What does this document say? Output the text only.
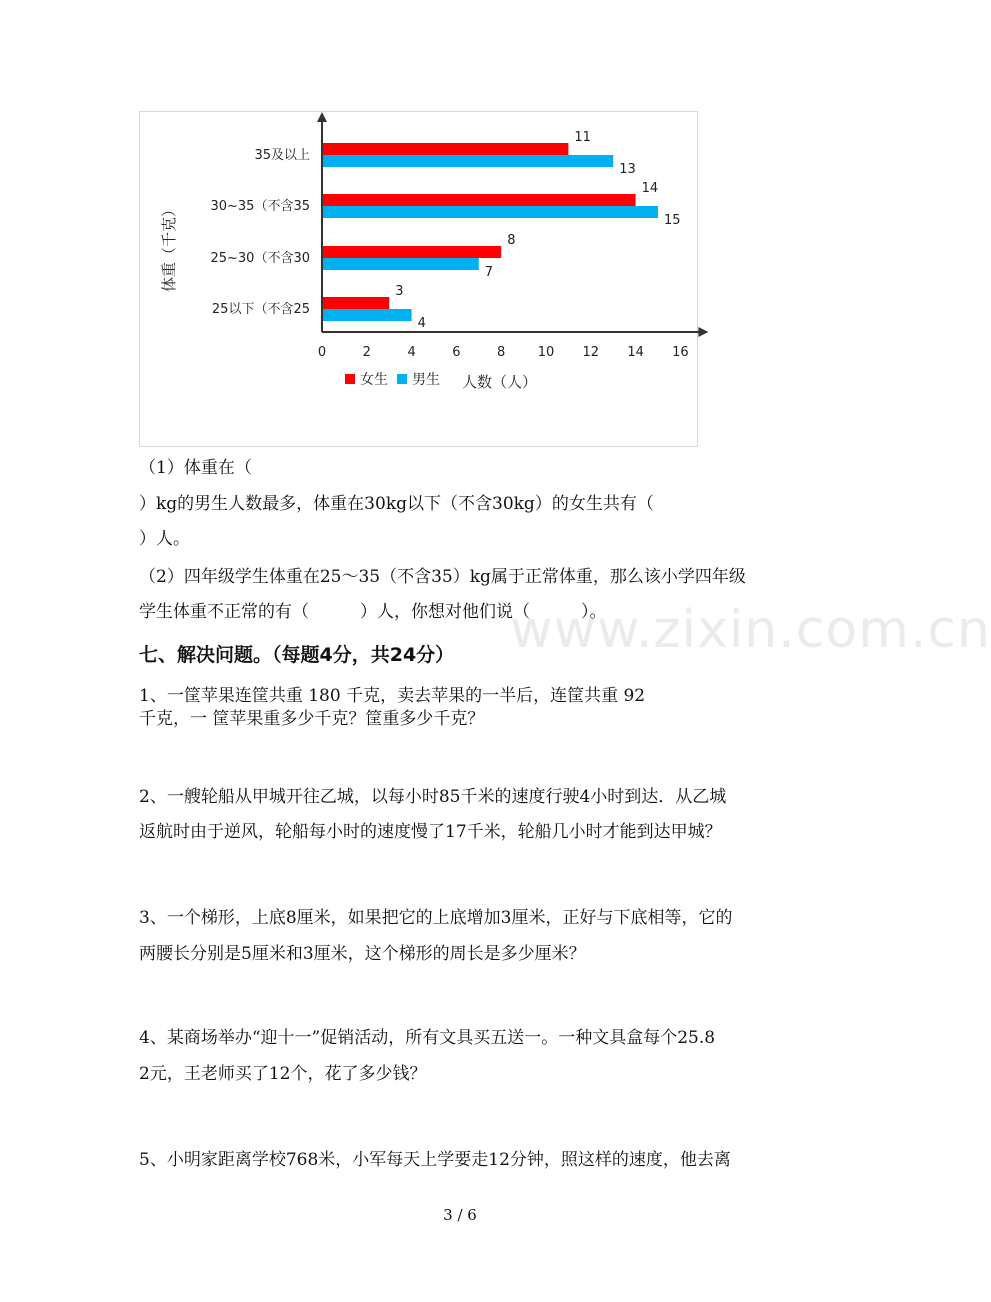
www.zixin.com.cn
0	2	4	6	8 10 12 14 16
35及以上
11
13
30~35（不含35
14
15
25~30（不含30
8
7
25以下（不含25
3
4
体重（千克）
女生 男生 人数（人）
（1）体重在（
）kg的男生人数最多，体重在30kg以下（不含30kg）的女生共有（
）人。
（2）四年级学生体重在25～35（不含35）kg属于正常体重，那么该小学四年级
学生体重不正常的有（　　　）人，你想对他们说（　　　）。
七、解决问题。（每题4分，共24分）
1、一筐苹果连筐共重 180 千克，卖去苹果的一半后，连筐共重 92
千克，一 筐苹果重多少千克？筐重多少千克？
2、一艘轮船从甲城开往乙城，以每小时85千米的速度行驶4小时到达．从乙城
返航时由于逆风，轮船每小时的速度慢了17千米，轮船几小时才能到达甲城？
3、一个梯形，上底8厘米，如果把它的上底增加3厘米，正好与下底相等，它的
两腰长分别是5厘米和3厘米，这个梯形的周长是多少厘米？
4、某商场举办“迎十一”促销活动，所有文具买五送一。一种文具盒每个25.8
2元，王老师买了12个，花了多少钱？
5、小明家距离学校768米，小军每天上学要走12分钟，照这样的速度，他去离
3 / 6
